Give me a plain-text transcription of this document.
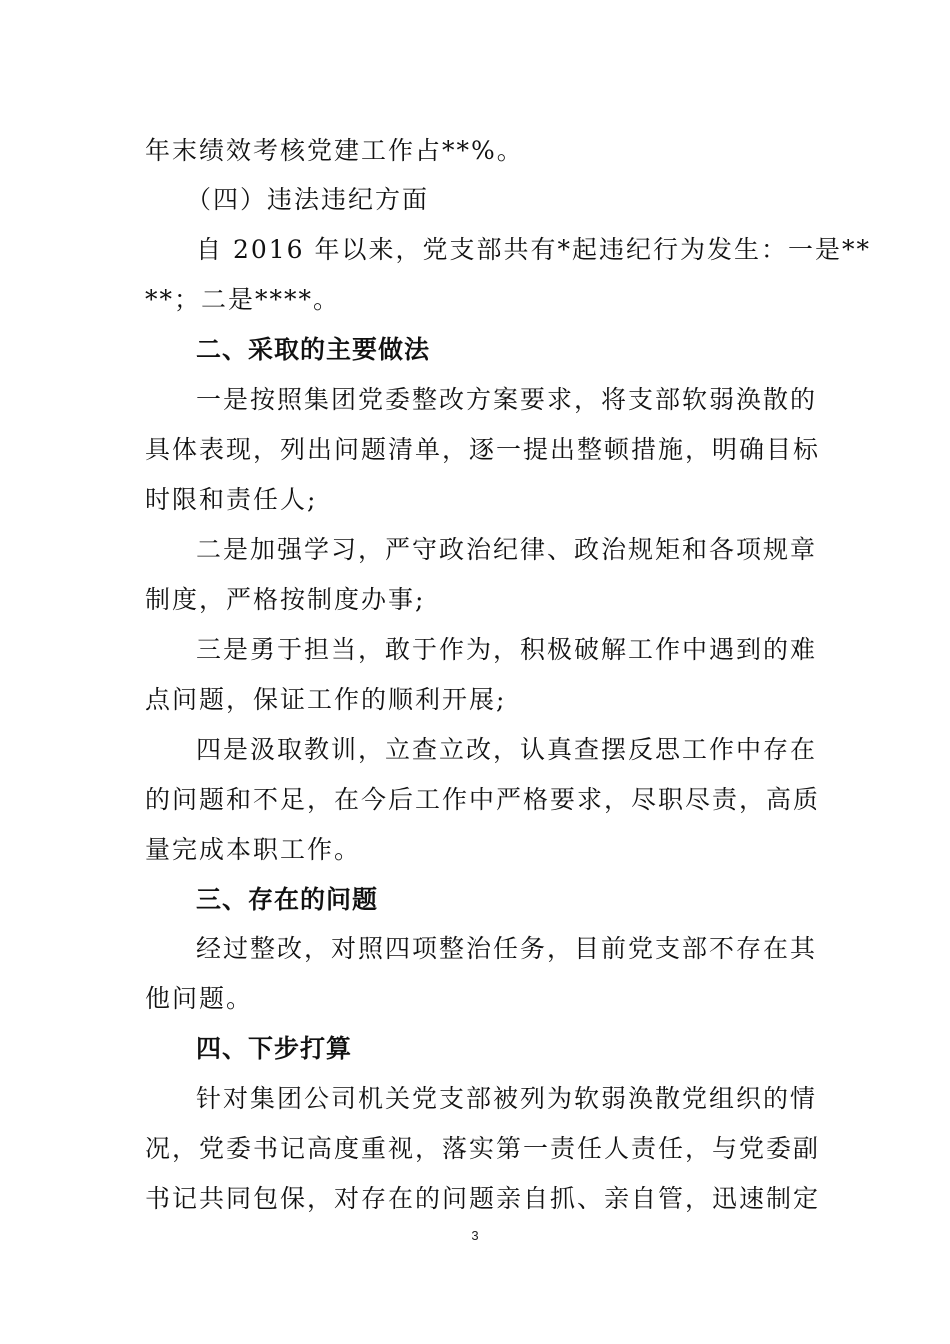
年末绩效考核党建工作占**%。
（四）违法违纪方面
自 2016 年以来，党支部共有*起违纪行为发生：一是**
**；二是****。
二、采取的主要做法
一是按照集团党委整改方案要求，将支部软弱涣散的
具体表现，列出问题清单，逐一提出整顿措施，明确目标
时限和责任人;
二是加强学习，严守政治纪律、政治规矩和各项规章
制度，严格按制度办事;
三是勇于担当，敢于作为，积极破解工作中遇到的难
点问题，保证工作的顺利开展;
四是汲取教训，立查立改，认真查摆反思工作中存在
的问题和不足，在今后工作中严格要求，尽职尽责，高质
量完成本职工作。
三、存在的问题
经过整改，对照四项整治任务，目前党支部不存在其
他问题。
四、下步打算
针对集团公司机关党支部被列为软弱涣散党组织的情
况，党委书记高度重视，落实第一责任人责任，与党委副
书记共同包保，对存在的问题亲自抓、亲自管，迅速制定
3
